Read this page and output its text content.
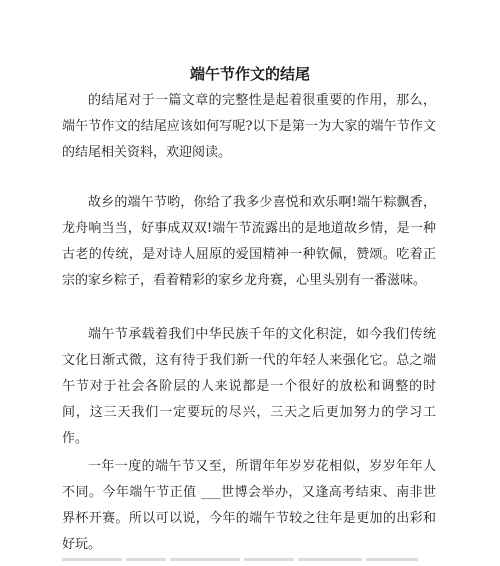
端午节作文的结尾

的结尾对于一篇文章的完整性是起着很重要的作用，那么，端午节作文的结尾应该如何写呢?以下是第一为大家的端午节作文的结尾相关资料，欢迎阅读。

故乡的端午节哟，你给了我多少喜悦和欢乐啊!端午粽飘香，龙舟响当当，好事成双双!端午节流露出的是地道故乡情，是一种古老的传统，是对诗人屈原的爱国精神一种钦佩，赞颂。吃着正宗的家乡粽子，看着精彩的家乡龙舟赛，心里头别有一番滋味。

端午节承载着我们中华民族千年的文化积淀，如今我们传统文化日渐式微，这有待于我们新一代的年轻人来强化它。总之端午节对于社会各阶层的人来说都是一个很好的放松和调整的时间，这三天我们一定要玩的尽兴，三天之后更加努力的学习工作。

一年一度的端午节又至，所谓年年岁岁花相似，岁岁年年人不同。今年端午节正值 ___世博会举办，又逢高考结束、南非世界杯开赛。所以可以说，今年的端午节较之往年是更加的出彩和好玩。
